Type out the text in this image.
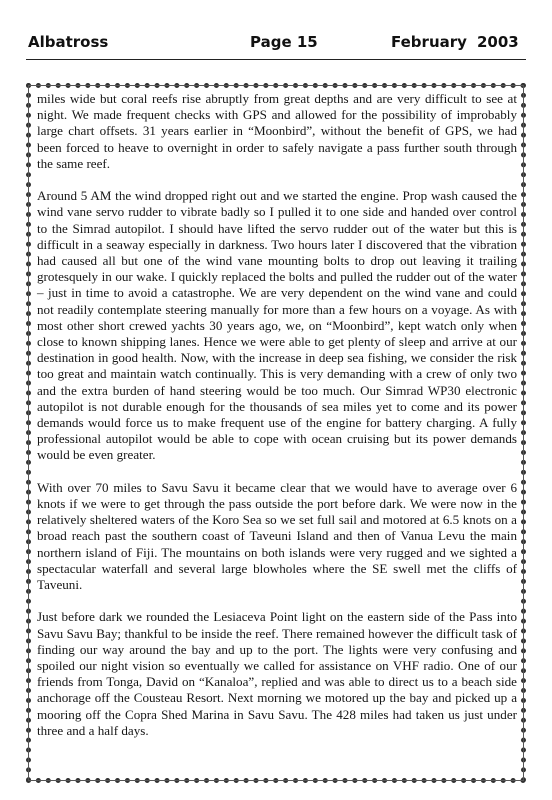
Albatross	Page 15	February 2003

miles wide but coral reefs rise abruptly from great depths and are very difficult to see at night. We made frequent checks with GPS and allowed for the possibility of improbably large chart offsets. 31 years earlier in “Moonbird”, without the benefit of GPS, we had been forced to heave to overnight in order to safely navigate a pass further south through the same reef.

Around 5 AM the wind dropped right out and we started the engine. Prop wash caused the wind vane servo rudder to vibrate badly so I pulled it to one side and handed over control to the Simrad autopilot. I should have lifted the servo rudder out of the water but this is difficult in a seaway especially in darkness. Two hours later I discovered that the vibration had caused all but one of the wind vane mounting bolts to drop out leaving it trailing grotesquely in our wake. I quickly replaced the bolts and pulled the rudder out of the water – just in time to avoid a catastrophe. We are very dependent on the wind vane and could not readily contemplate steering manually for more than a few hours on a voyage. As with most other short crewed yachts 30 years ago, we, on “Moonbird”, kept watch only when close to known shipping lanes. Hence we were able to get plenty of sleep and arrive at our destination in good health. Now, with the increase in deep sea fishing, we consider the risk too great and maintain watch continually. This is very demanding with a crew of only two and the extra burden of hand steering would be too much. Our Simrad WP30 electronic autopilot is not durable enough for the thousands of sea miles yet to come and its power demands would force us to make frequent use of the engine for battery charging. A fully professional autopilot would be able to cope with ocean cruising but its power demands would be even greater.

With over 70 miles to Savu Savu it became clear that we would have to average over 6 knots if we were to get through the pass outside the port before dark. We were now in the relatively sheltered waters of the Koro Sea so we set full sail and motored at 6.5 knots on a broad reach past the southern coast of Taveuni Island and then of Vanua Levu the main northern island of Fiji. The mountains on both islands were very rugged and we sighted a spectacular waterfall and several large blowholes where the SE swell met the cliffs of Taveuni.

Just before dark we rounded the Lesiaceva Point light on the eastern side of the Pass into Savu Savu Bay; thankful to be inside the reef. There remained however the difficult task of finding our way around the bay and up to the port. The lights were very confusing and spoiled our night vision so eventually we called for assistance on VHF radio. One of our friends from Tonga, David on “Kanaloa”, replied and was able to direct us to a beach side anchorage off the Cousteau Resort. Next morning we motored up the bay and picked up a mooring off the Copra Shed Marina in Savu Savu. The 428 miles had taken us just under three and a half days.
